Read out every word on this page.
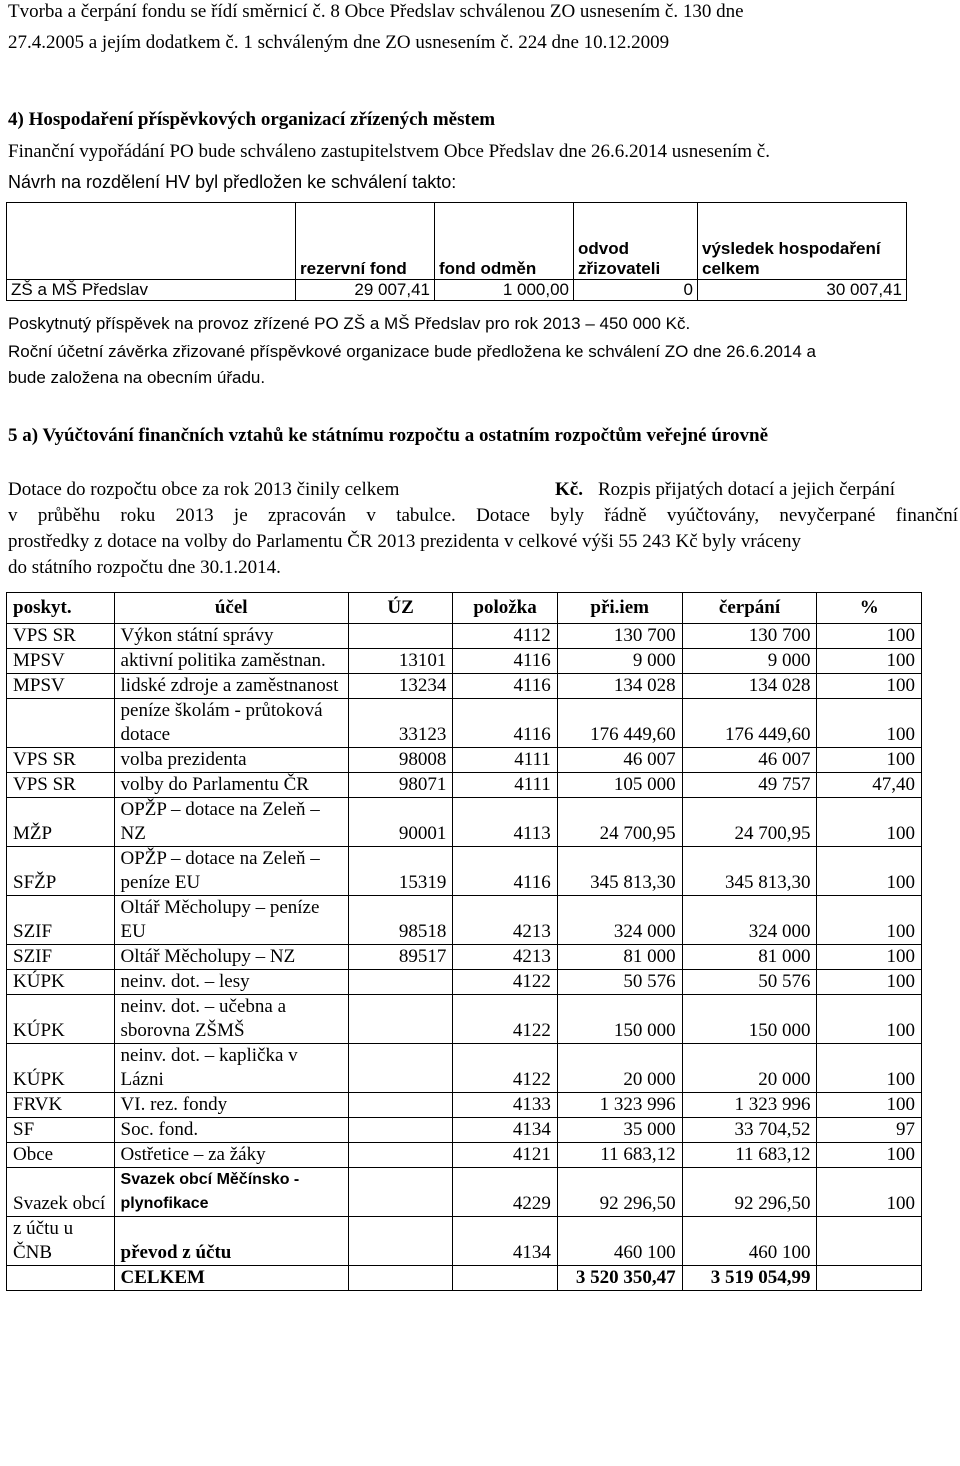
Tvorba a čerpání fondu se řídí směrnicí č. 8 Obce Předslav schválenou ZO usnesením č. 130 dne
27.4.2005 a jejím dodatkem č. 1 schváleným dne ZO usnesením č. 224 dne 10.12.2009
4) Hospodaření příspěvkových organizací zřízených městem
Finanční vypořádání PO bude schváleno zastupitelstvem Obce Předslav dne 26.6.2014 usnesením č.
Návrh na rozdělení HV byl předložen ke schválení takto:
	rezervní fond	fond odměn	odvod zřizovateli	výsledek hospodaření celkem
ZŠ a MŠ Předslav	29 007,41	1 000,00	0	30 007,41
Poskytnutý příspěvek na provoz zřízené PO ZŠ a MŠ Předslav pro rok 2013 – 450 000 Kč.
Roční účetní závěrka zřizované příspěvkové organizace bude předložena ke schválení ZO dne 26.6.2014 a
bude založena na obecním úřadu.
5 a) Vyúčtování finančních vztahů ke státnímu rozpočtu a ostatním rozpočtům veřejné úrovně
Dotace do rozpočtu obce za rok 2013 činily celkem	Kč. Rozpis přijatých dotací a jejich čerpání
v průběhu roku 2013 je zpracován v tabulce. Dotace byly řádně vyúčtovány, nevyčerpané finanční
prostředky z dotace na volby do Parlamentu ČR 2013 prezidenta v celkové výši 55 243 Kč byly vráceny
do státního rozpočtu dne 30.1.2014.
poskyt.	účel	ÚZ	položka	při.iem	čerpání	%
VPS SR	Výkon státní správy		4112	130 700	130 700	100
MPSV	aktivní politika zaměstnan.	13101	4116	9 000	9 000	100
MPSV	lidské zdroje a zaměstnanost	13234	4116	134 028	134 028	100
	peníze školám - průtoková dotace	33123	4116	176 449,60	176 449,60	100
VPS SR	volba prezidenta	98008	4111	46 007	46 007	100
VPS SR	volby do Parlamentu ČR	98071	4111	105 000	49 757	47,40
MŽP	OPŽP – dotace na Zeleň – NZ	90001	4113	24 700,95	24 700,95	100
SFŽP	OPŽP – dotace na Zeleň – peníze EU	15319	4116	345 813,30	345 813,30	100
SZIF	Oltář Měcholupy – peníze EU	98518	4213	324 000	324 000	100
SZIF	Oltář Měcholupy – NZ	89517	4213	81 000	81 000	100
KÚPK	neinv. dot. – lesy		4122	50 576	50 576	100
KÚPK	neinv. dot. – učebna a sborovna ZŠMŠ		4122	150 000	150 000	100
KÚPK	neinv. dot. – kaplička v Lázni		4122	20 000	20 000	100
FRVK	VI. rez. fondy		4133	1 323 996	1 323 996	100
SF	Soc. fond.		4134	35 000	33 704,52	97
Obce	Ostřetice – za žáky		4121	11 683,12	11 683,12	100
Svazek obcí	Svazek obcí Měčínsko - plynofikace		4229	92 296,50	92 296,50	100
z účtu u ČNB	převod z účtu		4134	460 100	460 100	
	CELKEM			3 520 350,47	3 519 054,99	
